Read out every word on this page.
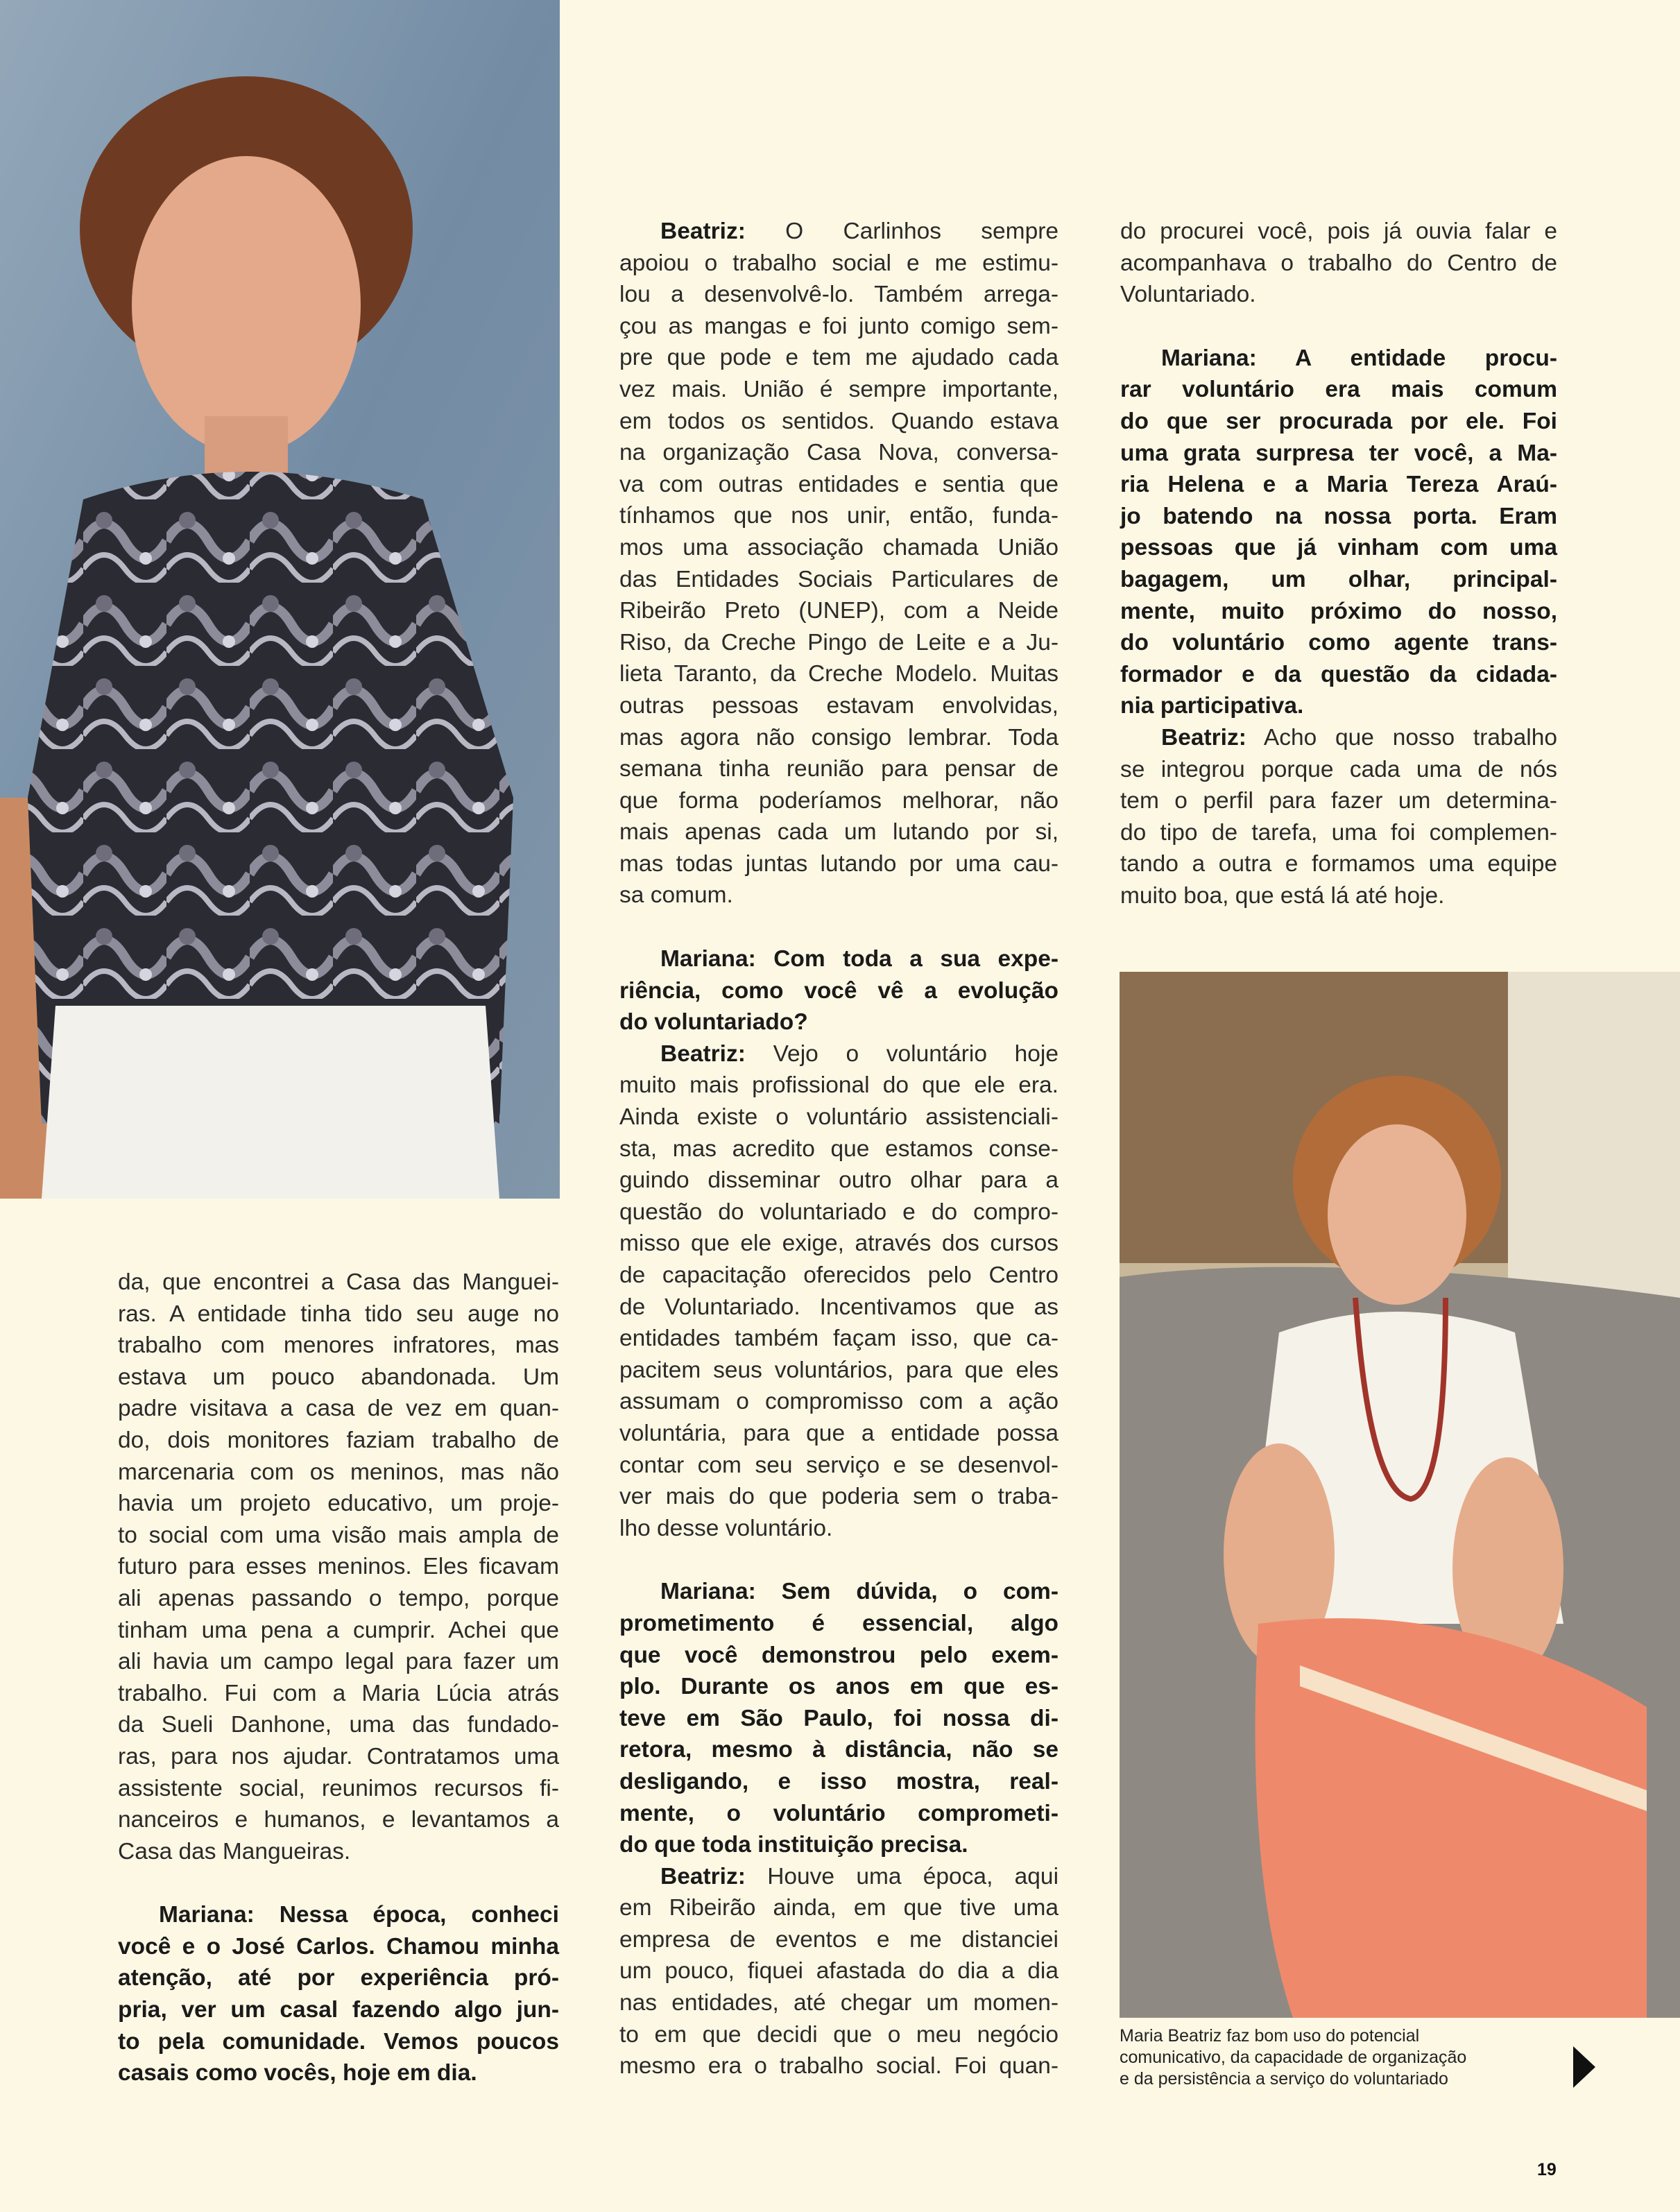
da, que encontrei a Casa das Manguei-

ras. A entidade tinha tido seu auge no

trabalho com menores infratores, mas

estava um pouco abandonada. Um

padre visitava a casa de vez em quan-

do, dois monitores faziam trabalho de

marcenaria com os meninos, mas não

havia um projeto educativo, um proje-

to social com uma visão mais ampla de

futuro para esses meninos. Eles ficavam

ali apenas passando o tempo, porque

tinham uma pena a cumprir. Achei que

ali havia um campo legal para fazer um

trabalho. Fui com a Maria Lúcia atrás

da Sueli Danhone, uma das fundado-

ras, para nos ajudar. Contratamos uma

assistente social, reunimos recursos fi-

nanceiros e humanos, e levantamos a

Casa das Mangueiras.

Mariana: Nessa época, conheci

você e o José Carlos. Chamou minha

atenção, até por experiência pró-

pria, ver um casal fazendo algo jun-

to pela comunidade. Vemos poucos

casais como vocês, hoje em dia.

Beatriz: O Carlinhos sempre

apoiou o trabalho social e me estimu-

lou a desenvolvê-lo. Também arrega-

çou as mangas e foi junto comigo sem-

pre que pode e tem me ajudado cada

vez mais. União é sempre importante,

em todos os sentidos. Quando estava

na organização Casa Nova, conversa-

va com outras entidades e sentia que

tínhamos que nos unir, então, funda-

mos uma associação chamada União

das Entidades Sociais Particulares de

Ribeirão Preto (UNEP), com a Neide

Riso, da Creche Pingo de Leite e a Ju-

lieta Taranto, da Creche Modelo. Muitas

outras pessoas estavam envolvidas,

mas agora não consigo lembrar. Toda

semana tinha reunião para pensar de

que forma poderíamos melhorar, não

mais apenas cada um lutando por si,

mas todas juntas lutando por uma cau-

sa comum.

Mariana: Com toda a sua expe-

riência, como você vê a evolução

do voluntariado?

Beatriz: Vejo o voluntário hoje

muito mais profissional do que ele era.

Ainda existe o voluntário assistenciali-

sta, mas acredito que estamos conse-

guindo disseminar outro olhar para a

questão do voluntariado e do compro-

misso que ele exige, através dos cursos

de capacitação oferecidos pelo Centro

de Voluntariado. Incentivamos que as

entidades também façam isso, que ca-

pacitem seus voluntários, para que eles

assumam o compromisso com a ação

voluntária, para que a entidade possa

contar com seu serviço e se desenvol-

ver mais do que poderia sem o traba-

lho desse voluntário.

Mariana: Sem dúvida, o com-

prometimento é essencial, algo

que você demonstrou pelo exem-

plo. Durante os anos em que es-

teve em São Paulo, foi nossa di-

retora, mesmo à distância, não se

desligando, e isso mostra, real-

mente, o voluntário comprometi-

do que toda instituição precisa.

Beatriz: Houve uma época, aqui

em Ribeirão ainda, em que tive uma

empresa de eventos e me distanciei

um pouco, fiquei afastada do dia a dia

nas entidades, até chegar um momen-

to em que decidi que o meu negócio

mesmo era o trabalho social. Foi quan-

do procurei você, pois já ouvia falar e

acompanhava o trabalho do Centro de

Voluntariado.

Mariana: A entidade procu-

rar voluntário era mais comum

do que ser procurada por ele. Foi

uma grata surpresa ter você, a Ma-

ria Helena e a Maria Tereza Araú-

jo batendo na nossa porta. Eram

pessoas que já vinham com uma

bagagem, um olhar, principal-

mente, muito próximo do nosso,

do voluntário como agente trans-

formador e da questão da cidada-

nia participativa.

Beatriz: Acho que nosso trabalho

se integrou porque cada uma de nós

tem o perfil para fazer um determina-

do tipo de tarefa, uma foi complemen-

tando a outra e formamos uma equipe

muito boa, que está lá até hoje.

Maria Beatriz faz bom uso do potencial
comunicativo, da capacidade de organização
e da persistência a serviço do voluntariado
19
